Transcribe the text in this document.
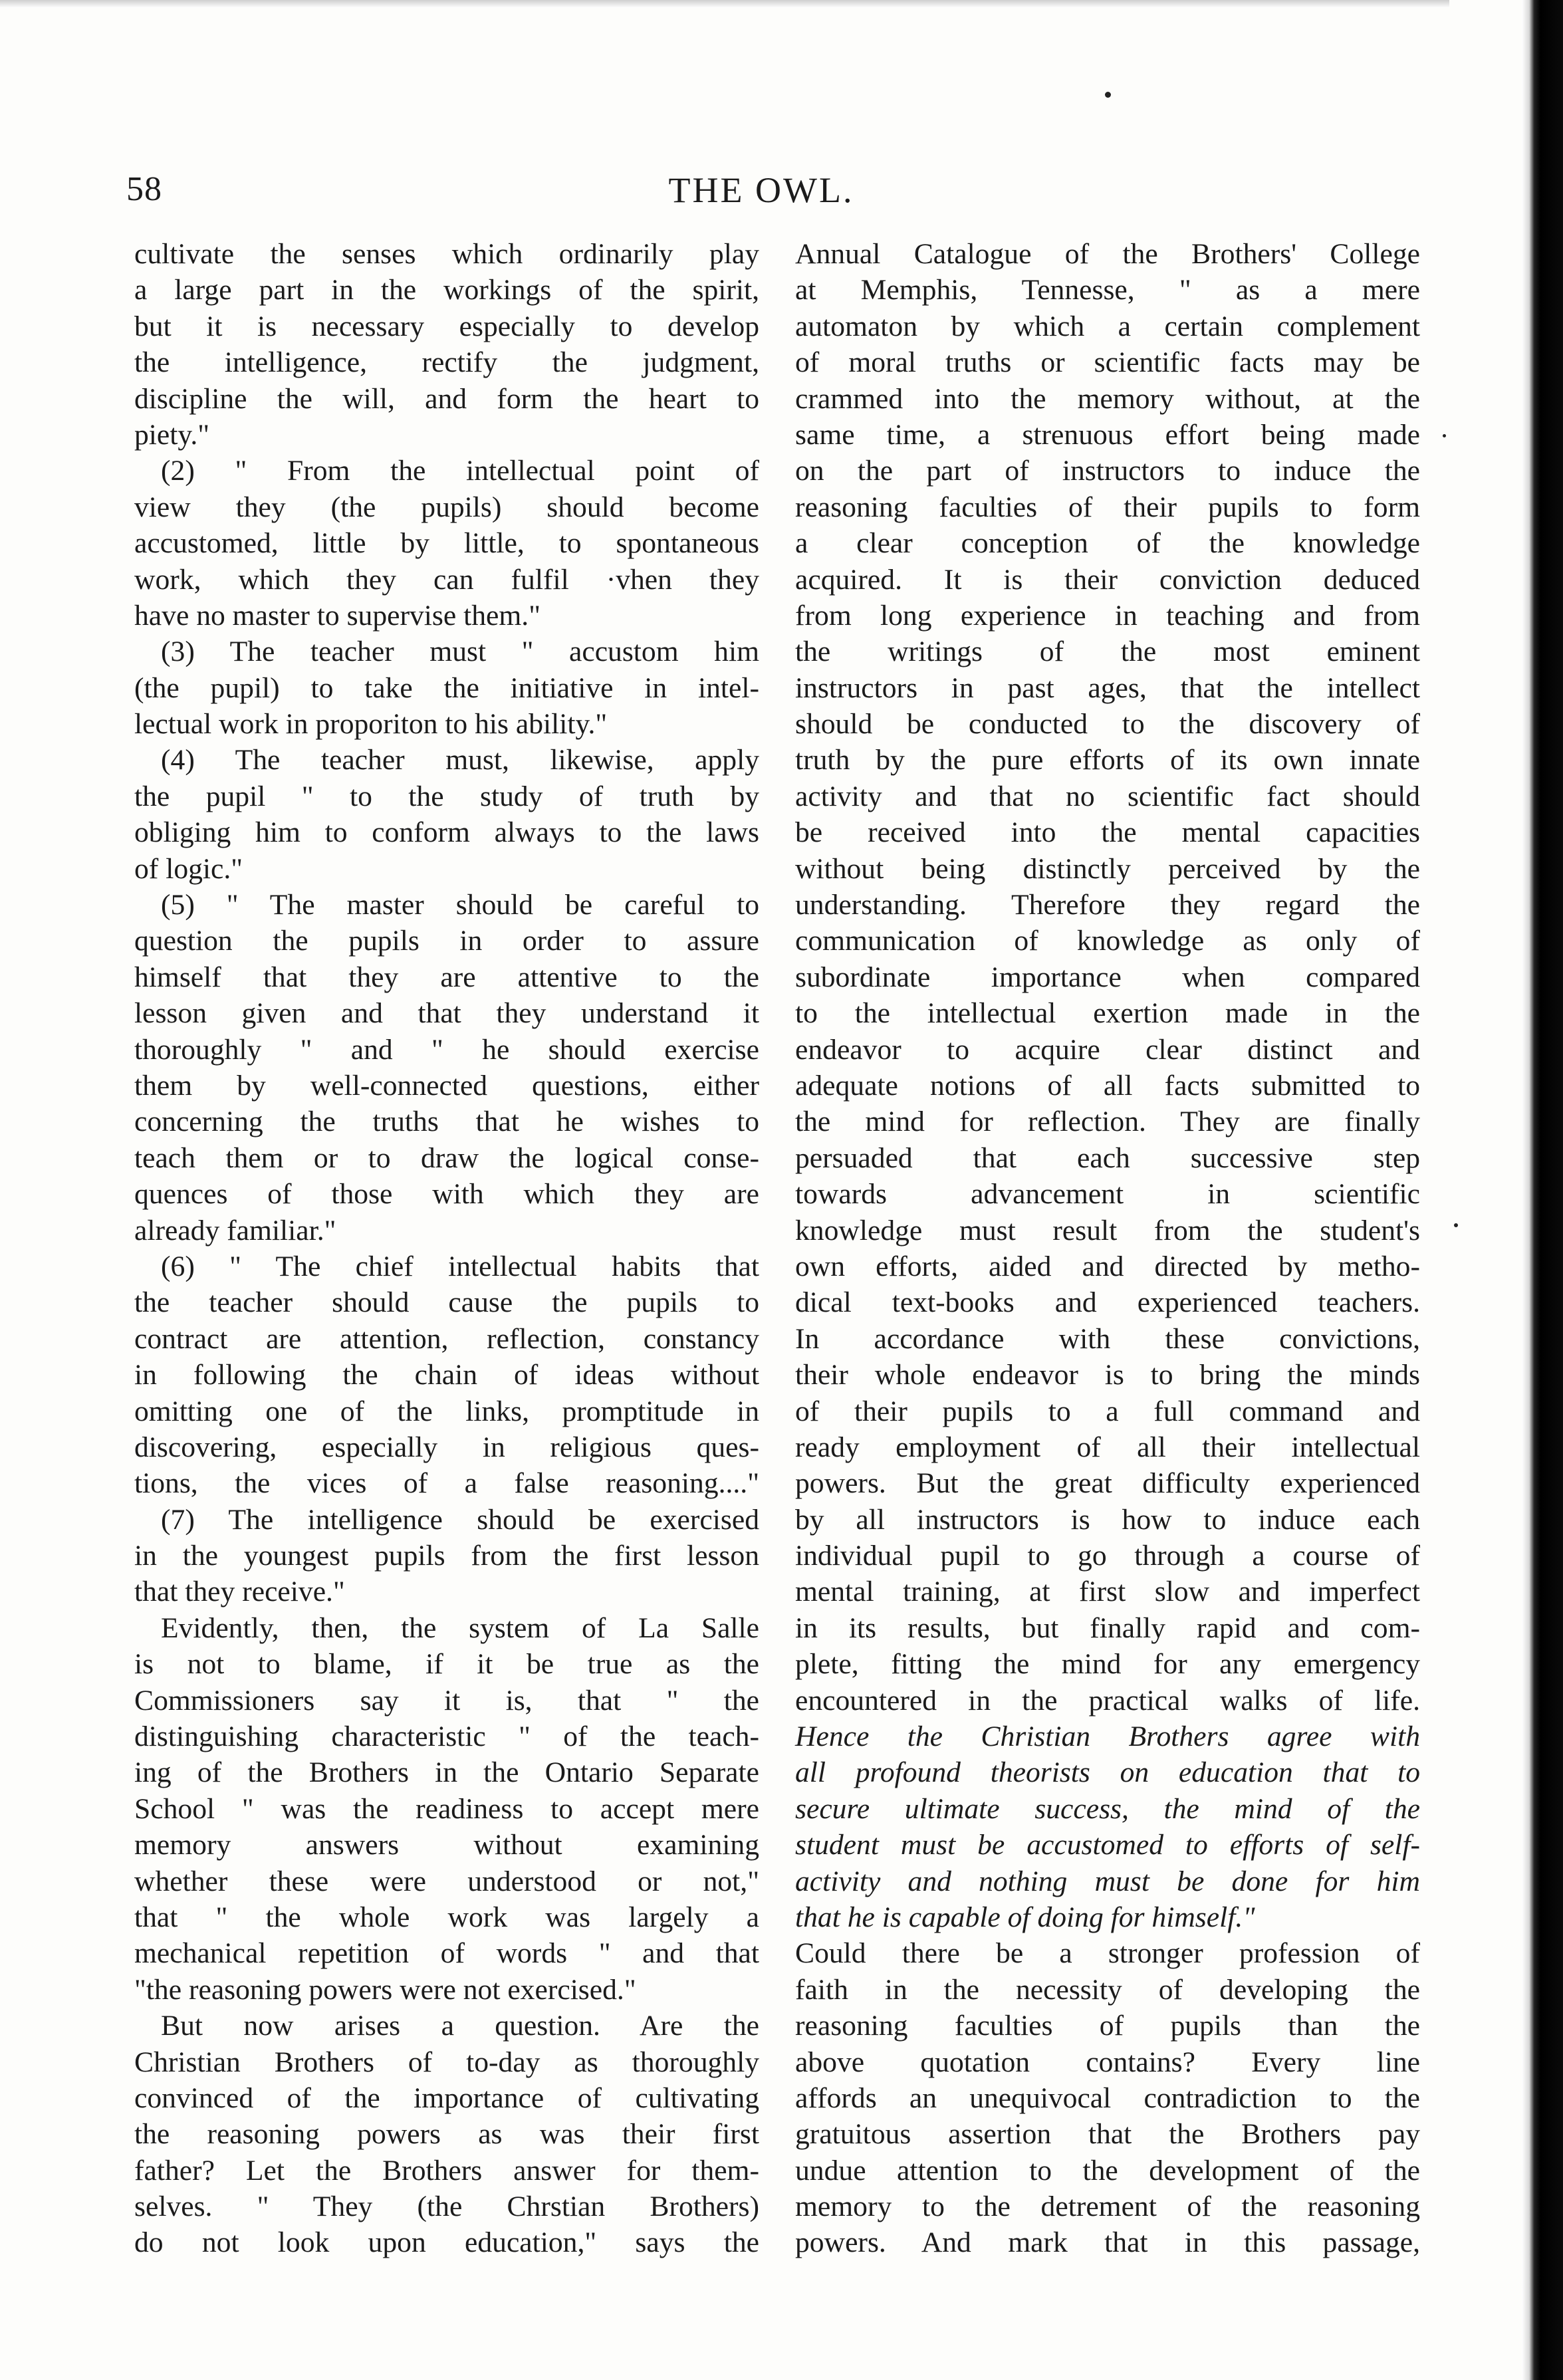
58	THE OWL.
cultivate the senses which ordinarily play
a large part in the workings of the spirit,
but it is necessary especially to develop
the intelligence, rectify the judgment,
discipline the will, and form the heart to
piety."
(2) " From the intellectual point of
view they (the pupils) should become
accustomed, little by little, to spontaneous
work, which they can fulfil ·vhen they
have no master to supervise them."
(3) The teacher must " accustom him
(the pupil) to take the initiative in intel-
lectual work in proporiton to his ability."
(4) The teacher must, likewise, apply
the pupil " to the study of truth by
obliging him to conform always to the laws
of logic."
(5) " The master should be careful to
question the pupils in order to assure
himself that they are attentive to the
lesson given and that they understand it
thoroughly " and " he should exercise
them by well-connected questions, either
concerning the truths that he wishes to
teach them or to draw the logical conse-
quences of those with which they are
already familiar."
(6) " The chief intellectual habits that
the teacher should cause the pupils to
contract are attention, reflection, constancy
in following the chain of ideas without
omitting one of the links, promptitude in
discovering, especially in religious ques-
tions, the vices of a false reasoning...."
(7) The intelligence should be exercised
in the youngest pupils from the first lesson
that they receive."
Evidently, then, the system of La Salle
is not to blame, if it be true as the
Commissioners say it is, that " the
distinguishing characteristic " of the teach-
ing of the Brothers in the Ontario Separate
School " was the readiness to accept mere
memory answers without examining
whether these were understood or not,"
that " the whole work was largely a
mechanical repetition of words " and that
"the reasoning powers were not exercised."
But now arises a question. Are the
Christian Brothers of to-day as thoroughly
convinced of the importance of cultivating
the reasoning powers as was their first
father? Let the Brothers answer for them-
selves. " They (the Chrstian Brothers)
do not look upon education," says the
Annual Catalogue of the Brothers' College
at Memphis, Tennesse, " as a mere
automaton by which a certain complement
of moral truths or scientific facts may be
crammed into the memory without, at the
same time, a strenuous effort being made
on the part of instructors to induce the
reasoning faculties of their pupils to form
a clear conception of the knowledge
acquired. It is their conviction deduced
from long experience in teaching and from
the writings of the most eminent
instructors in past ages, that the intellect
should be conducted to the discovery of
truth by the pure efforts of its own innate
activity and that no scientific fact should
be received into the mental capacities
without being distinctly perceived by the
understanding. Therefore they regard the
communication of knowledge as only of
subordinate importance when compared
to the intellectual exertion made in the
endeavor to acquire clear distinct and
adequate notions of all facts submitted to
the mind for reflection. They are finally
persuaded that each successive step
towards advancement in scientific
knowledge must result from the student's
own efforts, aided and directed by metho-
dical text-books and experienced teachers.
In accordance with these convictions,
their whole endeavor is to bring the minds
of their pupils to a full command and
ready employment of all their intellectual
powers. But the great difficulty experienced
by all instructors is how to induce each
individual pupil to go through a course of
mental training, at first slow and imperfect
in its results, but finally rapid and com-
plete, fitting the mind for any emergency
encountered in the practical walks of life.
Hence the Christian Brothers agree with
all profound theorists on education that to
secure ultimate success, the mind of the
student must be accustomed to efforts of self-
activity and nothing must be done for him
that he is capable of doing for himself."
Could there be a stronger profession of
faith in the necessity of developing the
reasoning faculties of pupils than the
above quotation contains? Every line
affords an unequivocal contradiction to the
gratuitous assertion that the Brothers pay
undue attention to the development of the
memory to the detrement of the reasoning
powers. And mark that in this passage,
